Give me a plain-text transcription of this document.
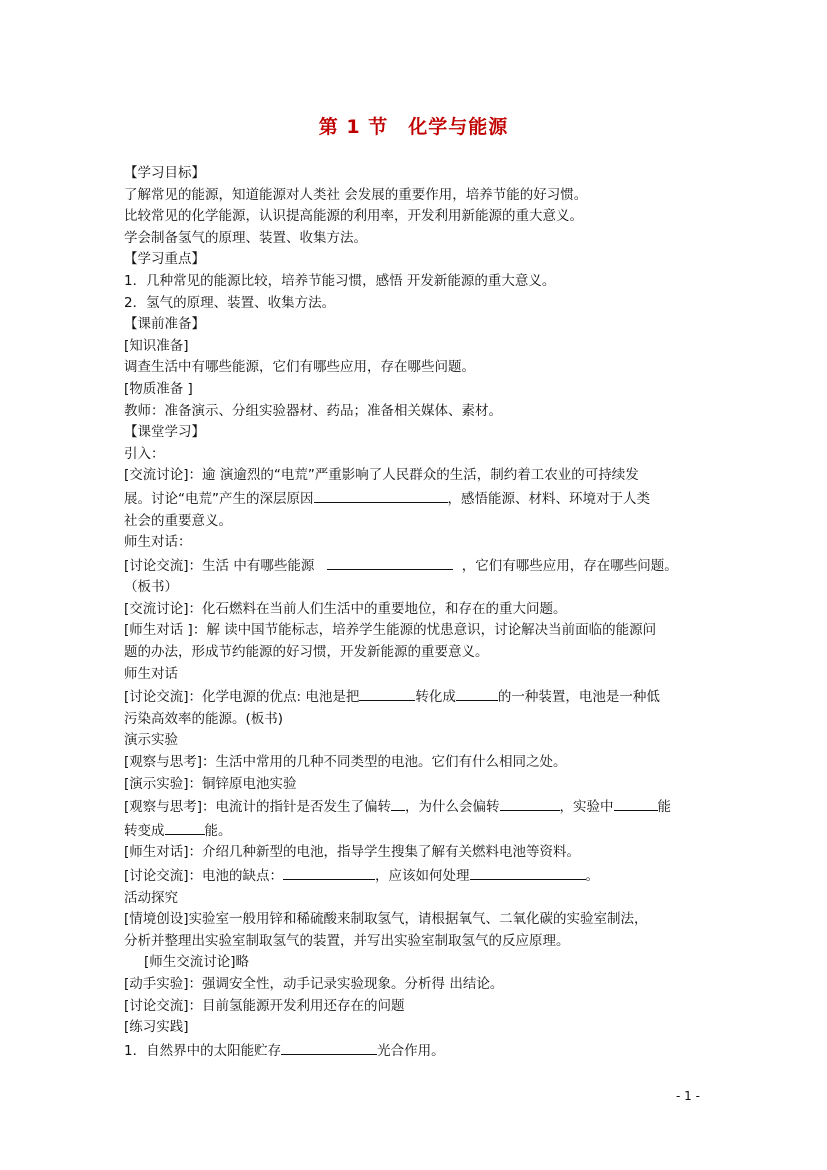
第 1 节　化学与能源
【学习目标】
了解常见的能源，知道能源对人类社 会发展的重要作用，培养节能的好习惯。
比较常见的化学能源，认识提高能源的利用率，开发利用新能源的重大意义。
学会制备氢气的原理、装置、收集方法。
【学习重点】
1．几种常见的能源比较，培养节能习惯，感悟 开发新能源的重大意义。
2．氢气的原理、装置、收集方法。
【课前准备】
[知识准备]
调查生活中有哪些能源，它们有哪些应用，存在哪些问题。
[物质准备 ]
教师：准备演示、分组实验器材、药品；准备相关媒体、素材。
【课堂学习】
引入：
[交流讨论]：逾 演逾烈的“电荒”严重影响了人民群众的生活，制约着工农业的可持续发
展。讨论“电荒”产生的深层原因	，感悟能源、材料、环境对于人类
社会的重要意义。
师生对话：
[讨论交流]：生活 中有哪些能源	，它们有哪些应用，存在哪些问题。
（板书）
[交流讨论]：化石燃料在当前人们生活中的重要地位，和存在的重大问题。
[师生对话 ]：解 读中国节能标志，培养学生能源的忧患意识，讨论解决当前面临的能源问
题的办法，形成节约能源的好习惯，开发新能源的重要意义。
师生对话
[讨论交流]：化学电源的优点: 电池是把	转化成	的一种装置，电池是一种低
污染高效率的能源。(板书)
演示实验
[观察与思考]：生活中常用的几种不同类型的电池。它们有什么相同之处。
[演示实验]：铜锌原电池实验
[观察与思考]：电流计的指针是否发生了偏转 ，为什么会偏转	，实验中	能
转变成	能。
[师生对话]：介绍几种新型的电池，指导学生搜集了解有关燃料电池等资料。
[讨论交流]：电池的缺点：	，应该如何处理	。
活动探究
[情境创设]实验室一般用锌和稀硫酸来制取氢气，请根据氧气、二氧化碳的实验室制法，
分析并整理出实验室制取氢气的装置，并写出实验室制取氢气的反应原理。
[师生交流讨论]略
[动手实验]：强调安全性，动手记录实验现象。分析得 出结论。
[讨论交流]：目前氢能源开发利用还存在的问题
[练习实践]
1．自然界中的太阳能贮存	光合作用。
- 1 -
